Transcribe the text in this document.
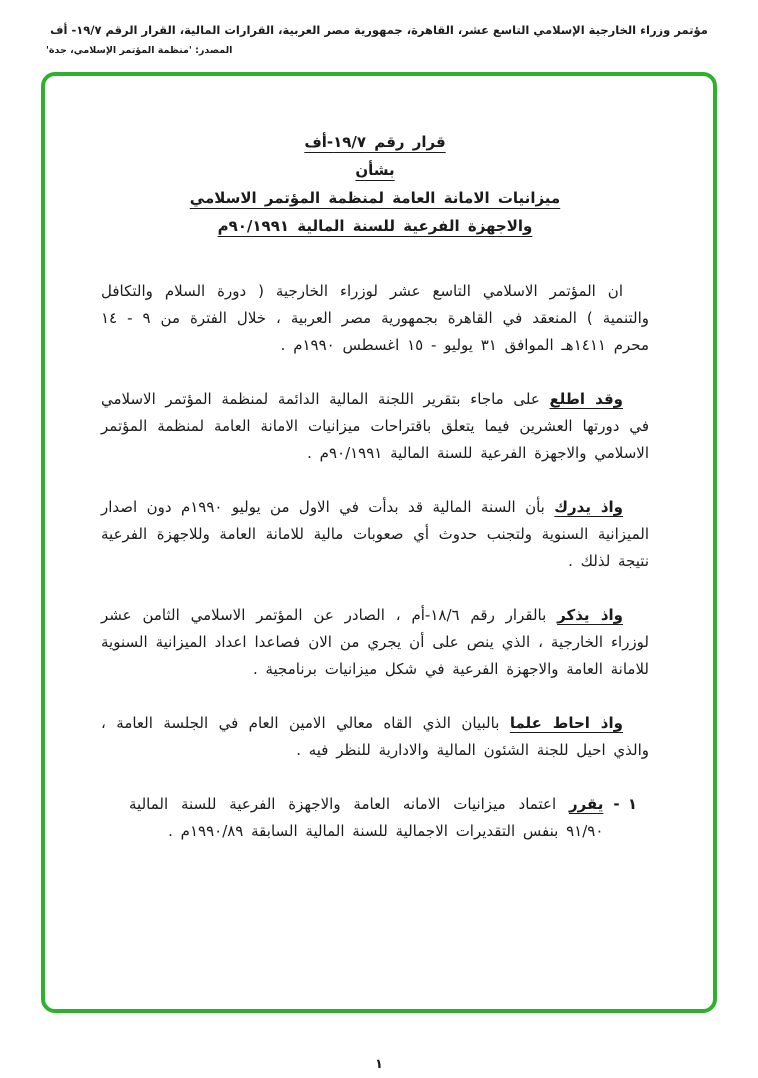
مؤتمر وزراء الخارجية الإسلامي التاسع عشر، القاهرة، جمهورية مصر العربية، القرارات المالية، القرار الرقم ١٩/٧- أف
المصدر: 'منظمة المؤتمر الإسلامي، جدة'
قرار رقم ١٩/٧-أف
بشأن
ميزانيات الامانة العامة لمنظمة المؤتمر الاسلامي
والاجهزة الفرعية للسنة المالية ٩٠/١٩٩١م

ان المؤتمر الاسلامي التاسع عشر لوزراء الخارجية ( دورة السلام والتكافل والتنمية ) المنعقد في القاهرة بجمهورية مصر العربية ، خلال الفترة من ٩ - ١٤ محرم ١٤١١هـ الموافق ٣١ يوليو - ١٥ اغسطس ١٩٩٠م .

وقد اطلع على ماجاء بتقرير اللجنة المالية الدائمة لمنظمة المؤتمر الاسلامي في دورتها العشرين فيما يتعلق باقتراحات ميزانيات الامانة العامة لمنظمة المؤتمر الاسلامي والاجهزة الفرعية للسنة المالية ٩٠/١٩٩١م .

واذ يدرك بأن السنة المالية قد بدأت في الاول من يوليو ١٩٩٠م دون اصدار الميزانية السنوية ولتجنب حدوث أي صعوبات مالية للامانة العامة وللاجهزة الفرعية نتيجة لذلك .

واذ يذكر بالقرار رقم ١٨/٦-أم ، الصادر عن المؤتمر الاسلامي الثامن عشر لوزراء الخارجية ، الذي ينص على أن يجري من الان فصاعدا اعداد الميزانية السنوية للامانة العامة والاجهزة الفرعية في شكل ميزانيات برنامجية .

واذ احاط علما بالبيان الذي القاه معالي الامين العام في الجلسة العامة ، والذي احيل للجنة الشئون المالية والادارية للنظر فيه .

١ -

يقرر اعتماد ميزانيات الامانه العامة والاجهزة الفرعية للسنة المالية ٩١/٩٠ بنفس التقديرات الاجمالية للسنة المالية السابقة ١٩٩٠/٨٩م .

١
